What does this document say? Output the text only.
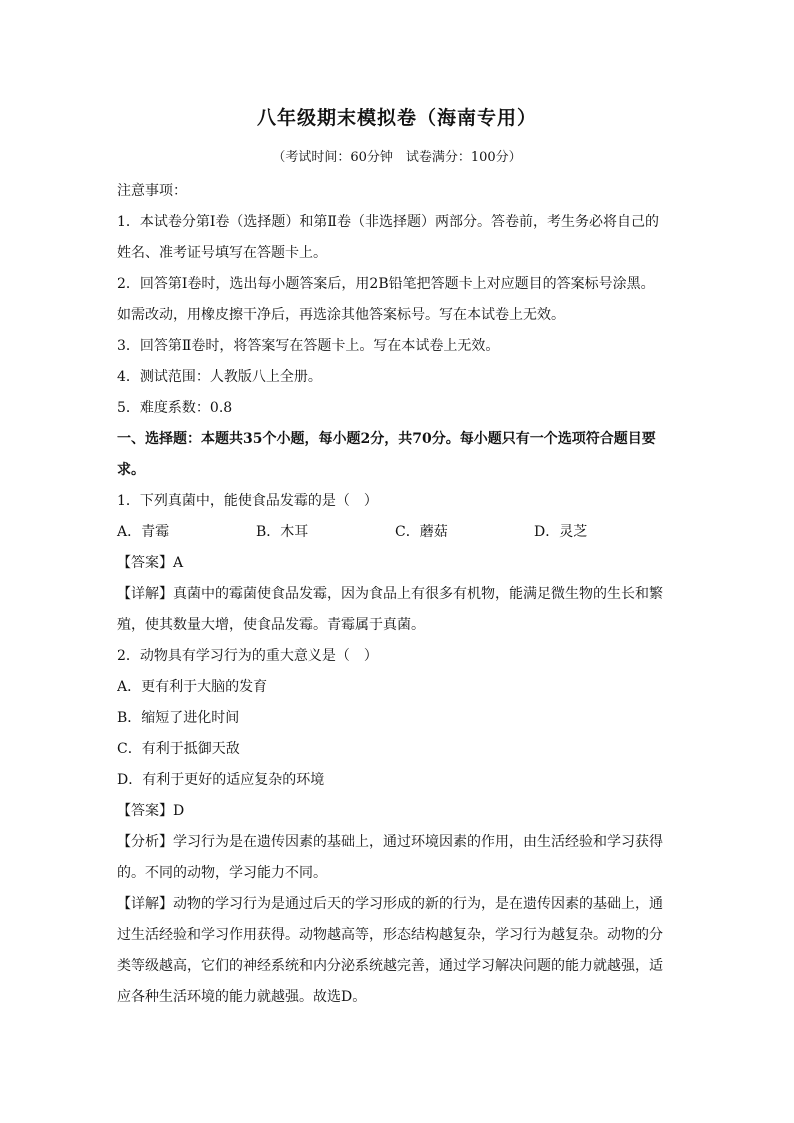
八年级期末模拟卷（海南专用）
（考试时间：60分钟　试卷满分：100分）
注意事项：
1．本试卷分第Ⅰ卷（选择题）和第Ⅱ卷（非选择题）两部分。答卷前，考生务必将自己的
姓名、准考证号填写在答题卡上。
2．回答第Ⅰ卷时，选出每小题答案后，用2B铅笔把答题卡上对应题目的答案标号涂黑。
如需改动，用橡皮擦干净后，再选涂其他答案标号。写在本试卷上无效。
3．回答第Ⅱ卷时，将答案写在答题卡上。写在本试卷上无效。
4．测试范围：人教版八上全册。
5．难度系数：0.8
一、选择题：本题共35个小题，每小题2分，共70分。每小题只有一个选项符合题目要
求。
1．下列真菌中，能使食品发霉的是（　）
A．青霉	B．木耳	C．蘑菇	D．灵芝
【答案】A
【详解】真菌中的霉菌使食品发霉，因为食品上有很多有机物，能满足微生物的生长和繁
殖，使其数量大增，使食品发霉。青霉属于真菌。
2．动物具有学习行为的重大意义是（　）
A．更有利于大脑的发育
B．缩短了进化时间
C．有利于抵御天敌
D．有利于更好的适应复杂的环境
【答案】D
【分析】学习行为是在遗传因素的基础上，通过环境因素的作用，由生活经验和学习获得
的。不同的动物，学习能力不同。
【详解】动物的学习行为是通过后天的学习形成的新的行为，是在遗传因素的基础上，通
过生活经验和学习作用获得。动物越高等，形态结构越复杂，学习行为越复杂。动物的分
类等级越高，它们的神经系统和内分泌系统越完善，通过学习解决问题的能力就越强，适
应各种生活环境的能力就越强。故选D。
